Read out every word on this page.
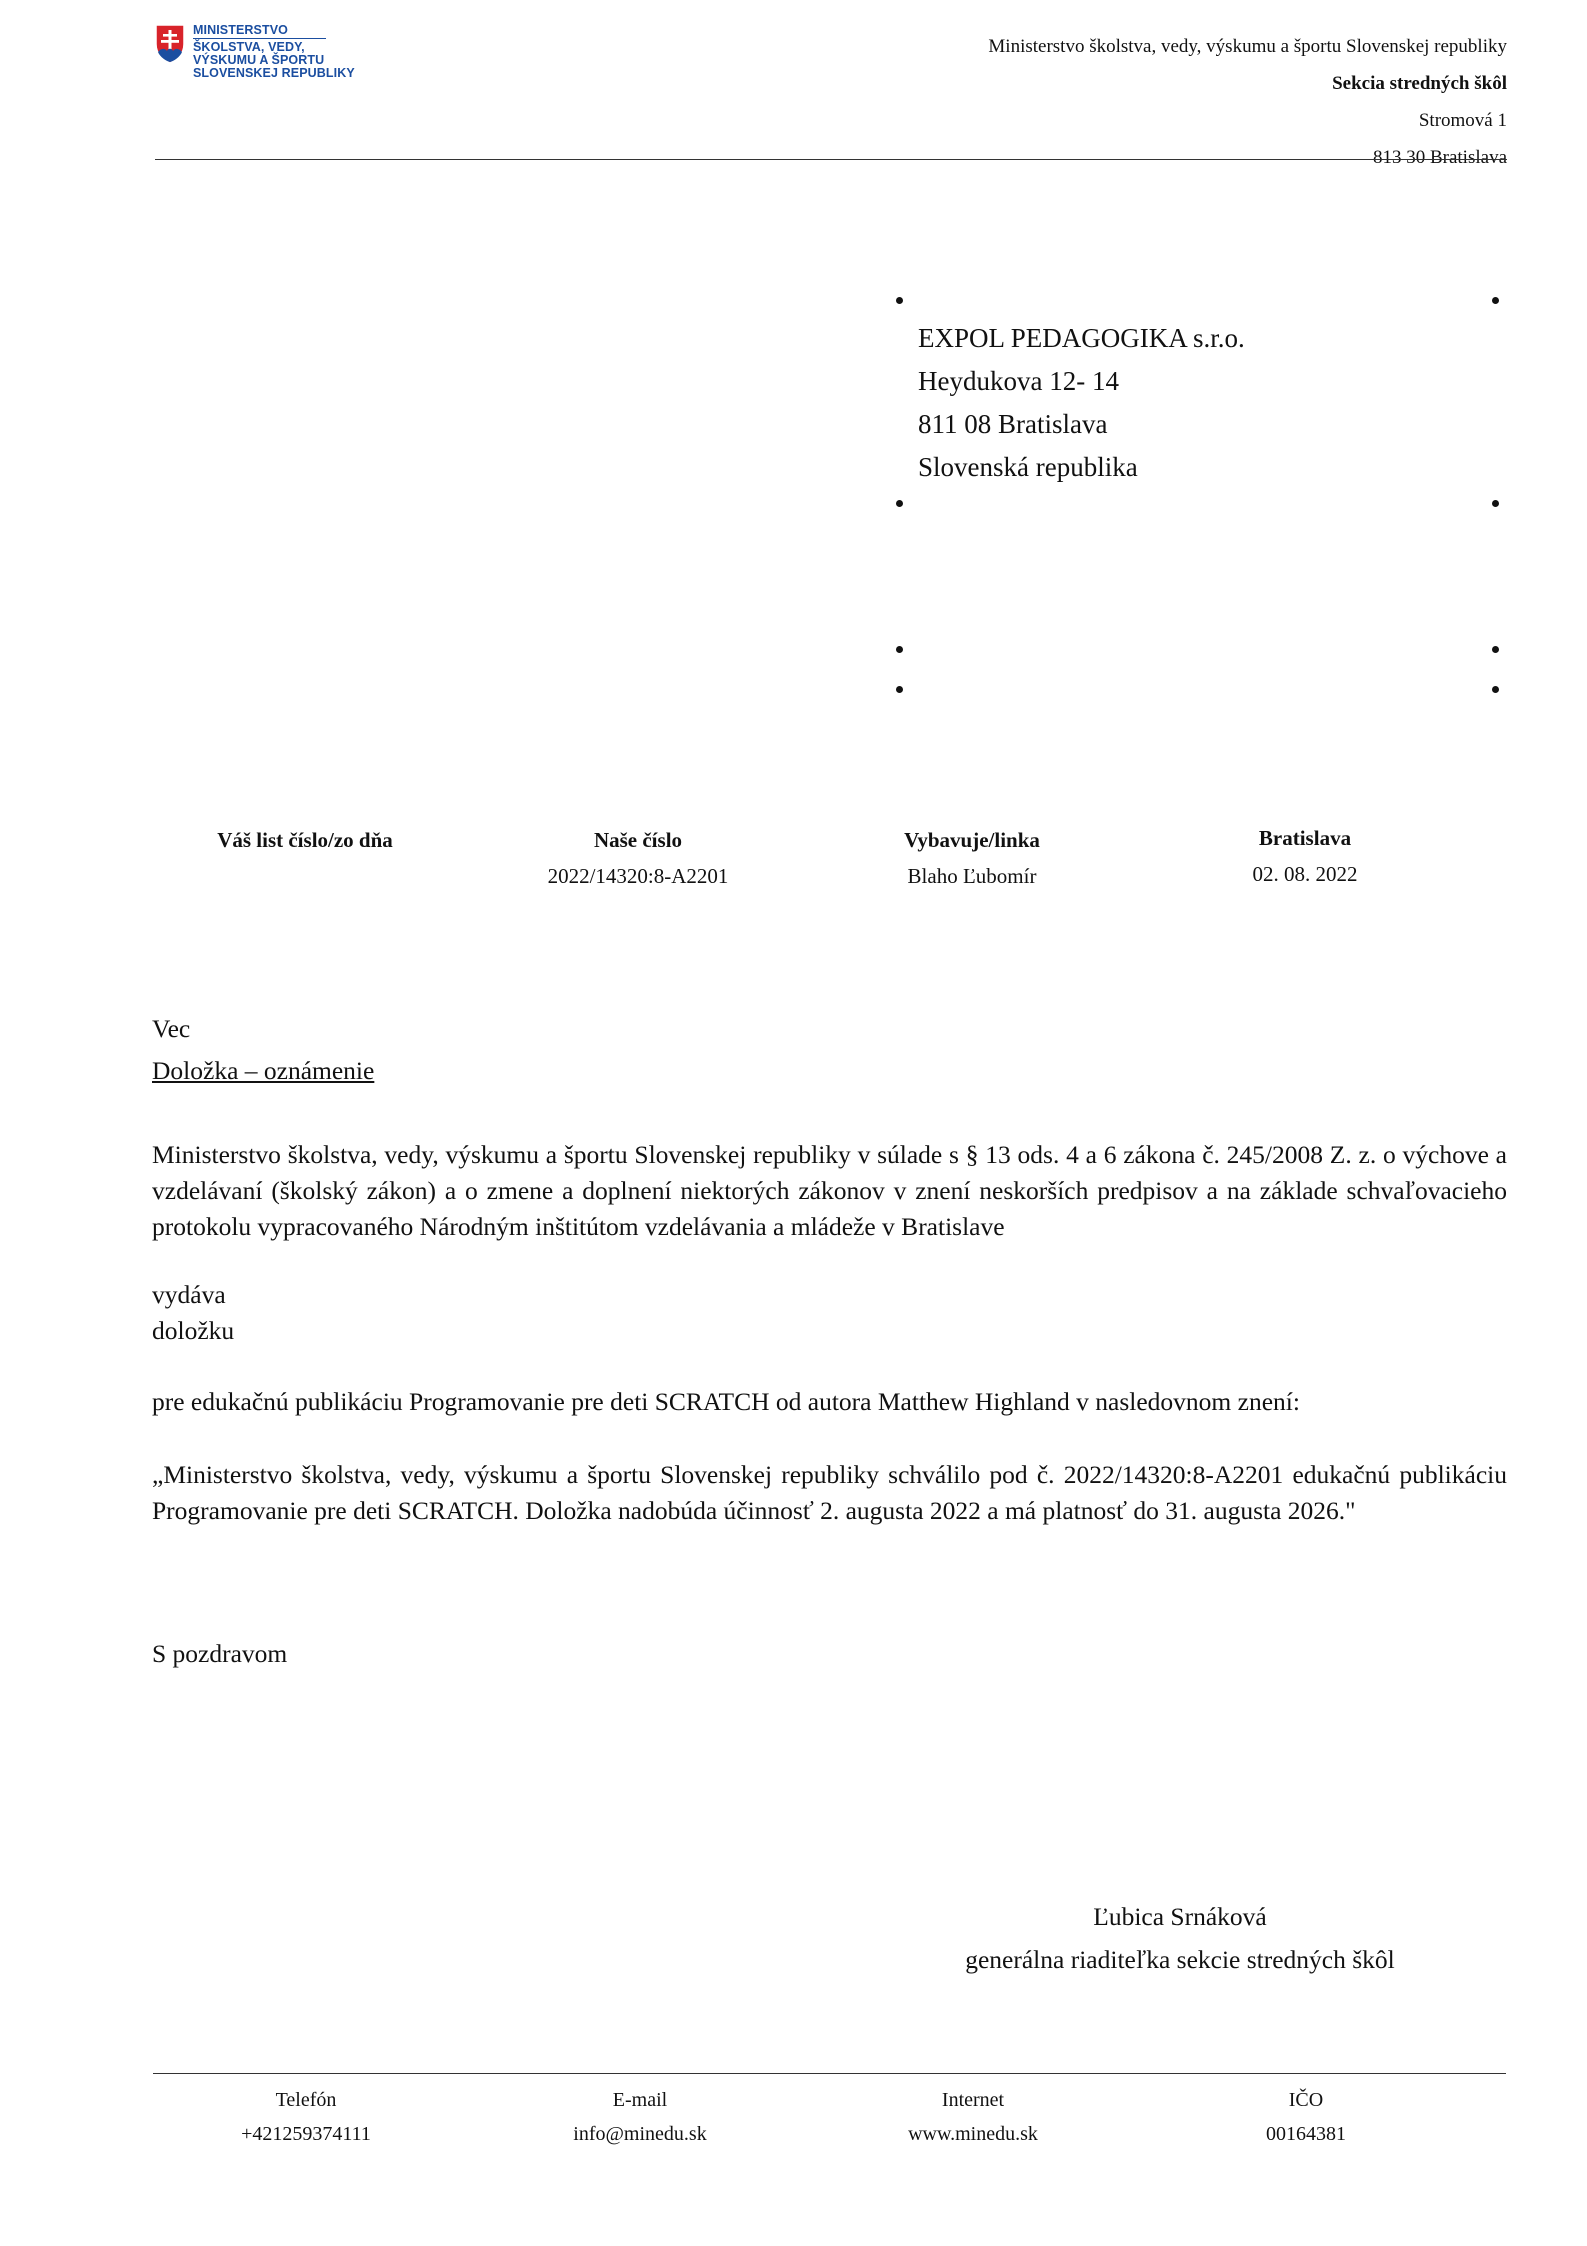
MINISTERSTVO
ŠKOLSTVA, VEDY,
VÝSKUMU A ŠPORTU
SLOVENSKEJ REPUBLIKY
Ministerstvo školstva, vedy, výskumu a športu Slovenskej republiky
Sekcia stredných škôl
Stromová 1
813 30 Bratislava
EXPOL PEDAGOGIKA s.r.o.
Heydukova 12- 14
811 08 Bratislava
Slovenská republika
Váš list číslo/zo dňa	Naše číslo
2022/14320:8-A2201
Vybavuje/linka
Blaho Ľubomír
Bratislava
02. 08. 2022
Vec
Doložka – oznámenie
Ministerstvo školstva, vedy, výskumu a športu Slovenskej republiky v súlade s § 13 ods. 4 a 6 zákona č. 245/2008 Z. z. o výchove a vzdelávaní (školský zákon) a o zmene a doplnení niektorých zákonov v znení neskorších predpisov a na základe schvaľovacieho protokolu vypracovaného Národným inštitútom vzdelávania a mládeže v Bratislave
vydáva
doložku
pre edukačnú publikáciu Programovanie pre deti SCRATCH od autora Matthew Highland v nasledovnom znení:
„Ministerstvo školstva, vedy, výskumu a športu Slovenskej republiky schválilo pod č. 2022/14320:8-A2201 edukačnú publikáciu Programovanie pre deti SCRATCH. Doložka nadobúda účinnosť 2. augusta 2022 a má platnosť do 31. augusta 2026."
S pozdravom
Ľubica Srnáková
generálna riaditeľka sekcie stredných škôl
Telefón
+421259374111
E-mail
info@minedu.sk
Internet
www.minedu.sk
IČO
00164381
